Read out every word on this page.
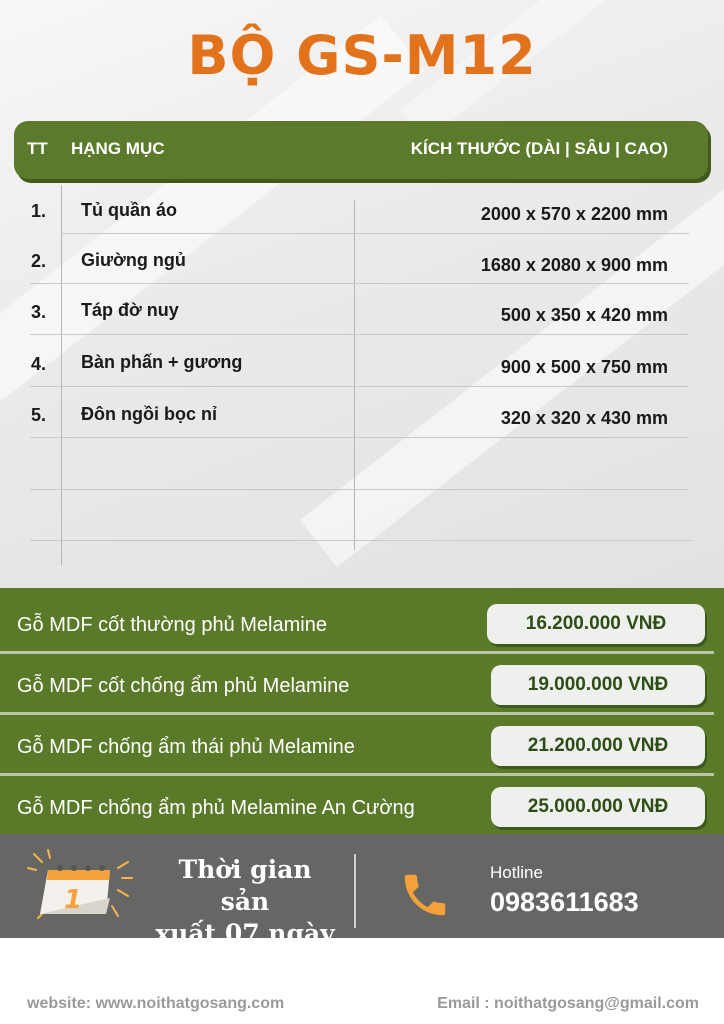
BỘ GS-M12
TT HẠNG MỤC	KÍCH THƯỚC (DÀI | SÂU | CAO)
1. Tủ quần áo	2000 x 570 x 2200 mm
2. Giường ngủ	1680 x 2080 x 900 mm
3. Táp đờ nuy	500 x 350 x 420 mm
4. Bàn phấn + gương	900 x 500 x 750 mm
5. Đôn ngồi bọc nỉ	320 x 320 x 430 mm
Gỗ MDF cốt thường phủ Melamine	16.200.000 VNĐ
Gỗ MDF cốt chống ẩm phủ Melamine	19.000.000 VNĐ
Gỗ MDF chống ẩm thái phủ Melamine	21.200.000 VNĐ
Gỗ MDF chống ẩm phủ Melamine An Cường	25.000.000 VNĐ
1
Thời gian sản
xuất 07 ngày
Hotline
0983611683
website: www.noithatgosang.com	Email : noithatgosang@gmail.com
